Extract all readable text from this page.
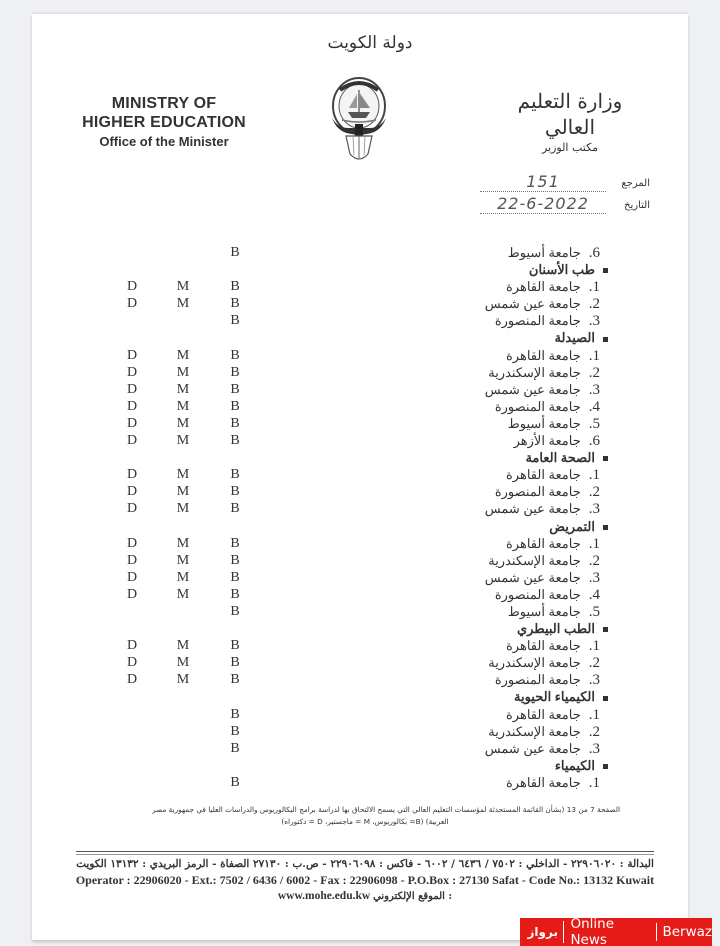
دولة الكويت
MINISTRY OF
HIGHER EDUCATION
Office of the Minister
وزارة التعليم العالي
مكتب الوزير
المرجع
151
التاريخ
22-6-2022
B	6.جامعة أسيوط
طب الأسنان
D	M	B	1.جامعة القاهرة
D	M	B	2.جامعة عين شمس
B	3.جامعة المنصورة
الصيدلة
D	M	B	1.جامعة القاهرة
D	M	B	2.جامعة الإسكندرية
D	M	B	3.جامعة عين شمس
D	M	B	4.جامعة المنصورة
D	M	B	5.جامعة أسيوط
D	M	B	6.جامعة الأزهر
الصحة العامة
D	M	B	1.جامعة القاهرة
D	M	B	2.جامعة المنصورة
D	M	B	3.جامعة عين شمس
التمريض
D	M	B	1.جامعة القاهرة
D	M	B	2.جامعة الإسكندرية
D	M	B	3.جامعة عين شمس
D	M	B	4.جامعة المنصورة
B	5.جامعة أسيوط
الطب البيطري
D	M	B	1.جامعة القاهرة
D	M	B	2.جامعة الإسكندرية
D	M	B	3.جامعة المنصورة
الكيمياء الحيوية
B	1.جامعة القاهرة
B	2.جامعة الإسكندرية
B	3.جامعة عين شمس
الكيمياء
B	1.جامعة القاهرة
الصفحة 7 من 13 (بشأن القائمة المستحدثة لمؤسسات التعليم العالي التي يسمح الالتحاق بها لدراسة برامج البكالوريوس والدراسات العليا في جمهورية مصر
العربية) (B= بكالوريوس، M = ماجستير، D = دكتوراه)
البدالة : ٢٢٩٠٦٠٢٠ - الداخلي : ٧٥٠٢ / ٦٤٣٦ / ٦٠٠٢ - فاكس : ٢٢٩٠٦٠٩٨ - ص.ب : ٢٧١٣٠ الصفاة - الرمز البريدي : ١٣١٣٢ الكويت
Operator : 22906020 - Ext.: 7502 / 6436 / 6002 - Fax : 22906098 - P.O.Box : 27130 Safat - Code No.: 13132 Kuwait
www.mohe.edu.kw الموقع الإلكتروني :
برواز Online News	Berwaz
